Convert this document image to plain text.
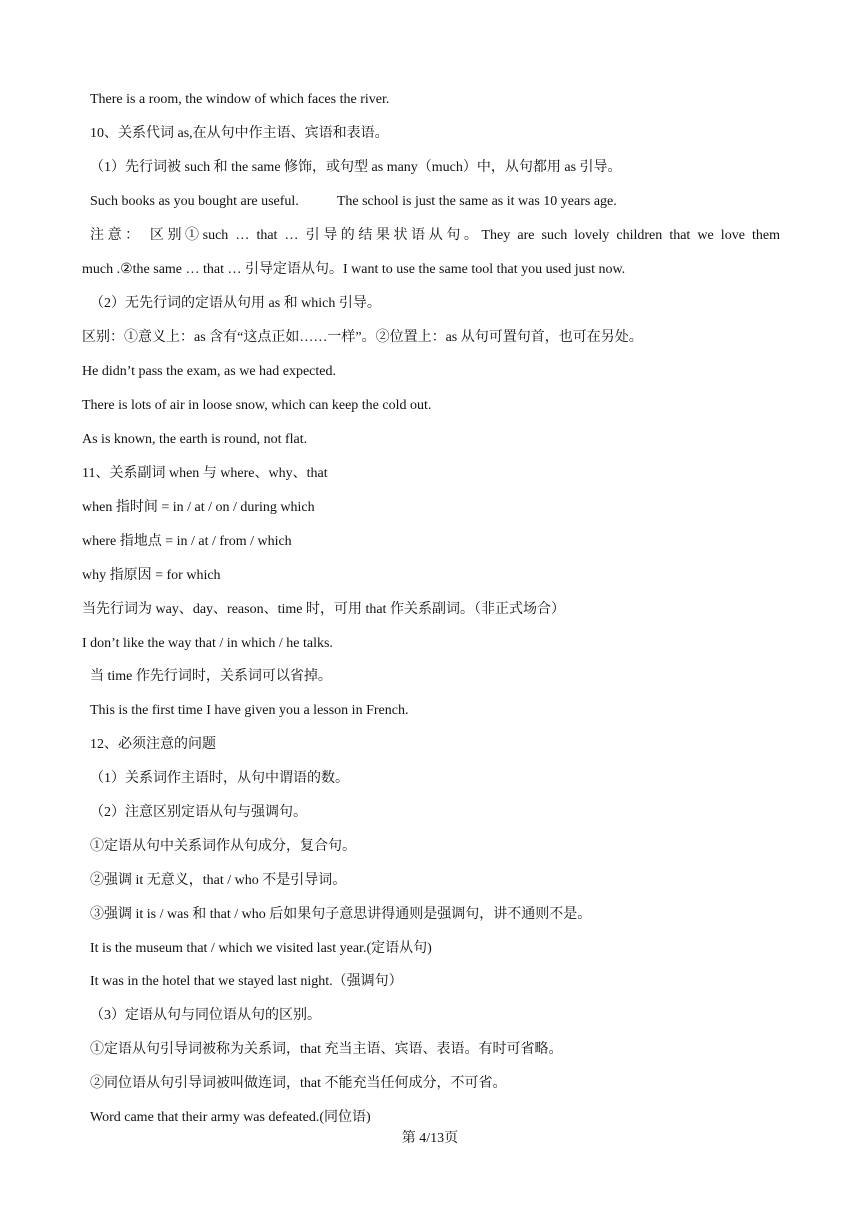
There is a room, the window of which faces the river.
10、关系代词 as,在从句中作主语、宾语和表语。
（1）先行词被 such 和 the same 修饰，或句型 as many（much）中，从句都用 as 引导。
Such books as you bought are useful.	The school is just the same as it was 10 years age.
注意： 区别①such … that … 引导的结果状语从句。They are such lovely children that we love them
much .②the same … that … 引导定语从句。I want to use the same tool that you used just now.
（2）无先行词的定语从句用 as 和 which 引导。
区别：①意义上：as 含有“这点正如……一样”。②位置上：as 从句可置句首，也可在另处。
He didn’t pass the exam, as we had expected.
There is lots of air in loose snow, which can keep the cold out.
As is known, the earth is round, not flat.
11、关系副词 when 与 where、why、that
when 指时间 = in / at / on / during which
where 指地点 = in / at / from / which
why 指原因 = for which
当先行词为 way、day、reason、time 时，可用 that 作关系副词。（非正式场合）
I don’t like the way that / in which / he talks.
当 time 作先行词时，关系词可以省掉。
This is the first time I have given you a lesson in French.
12、必须注意的问题
（1）关系词作主语时，从句中谓语的数。
（2）注意区别定语从句与强调句。
①定语从句中关系词作从句成分，复合句。
②强调 it 无意义，that / who 不是引导词。
③强调 it is / was 和 that / who 后如果句子意思讲得通则是强调句，讲不通则不是。
It is the museum that / which we visited last year.(定语从句)
It was in the hotel that we stayed last night.（强调句）
（3）定语从句与同位语从句的区别。
①定语从句引导词被称为关系词，that 充当主语、宾语、表语。有时可省略。
②同位语从句引导词被叫做连词，that 不能充当任何成分，不可省。
Word came that their army was defeated.(同位语)
第 4/13页
